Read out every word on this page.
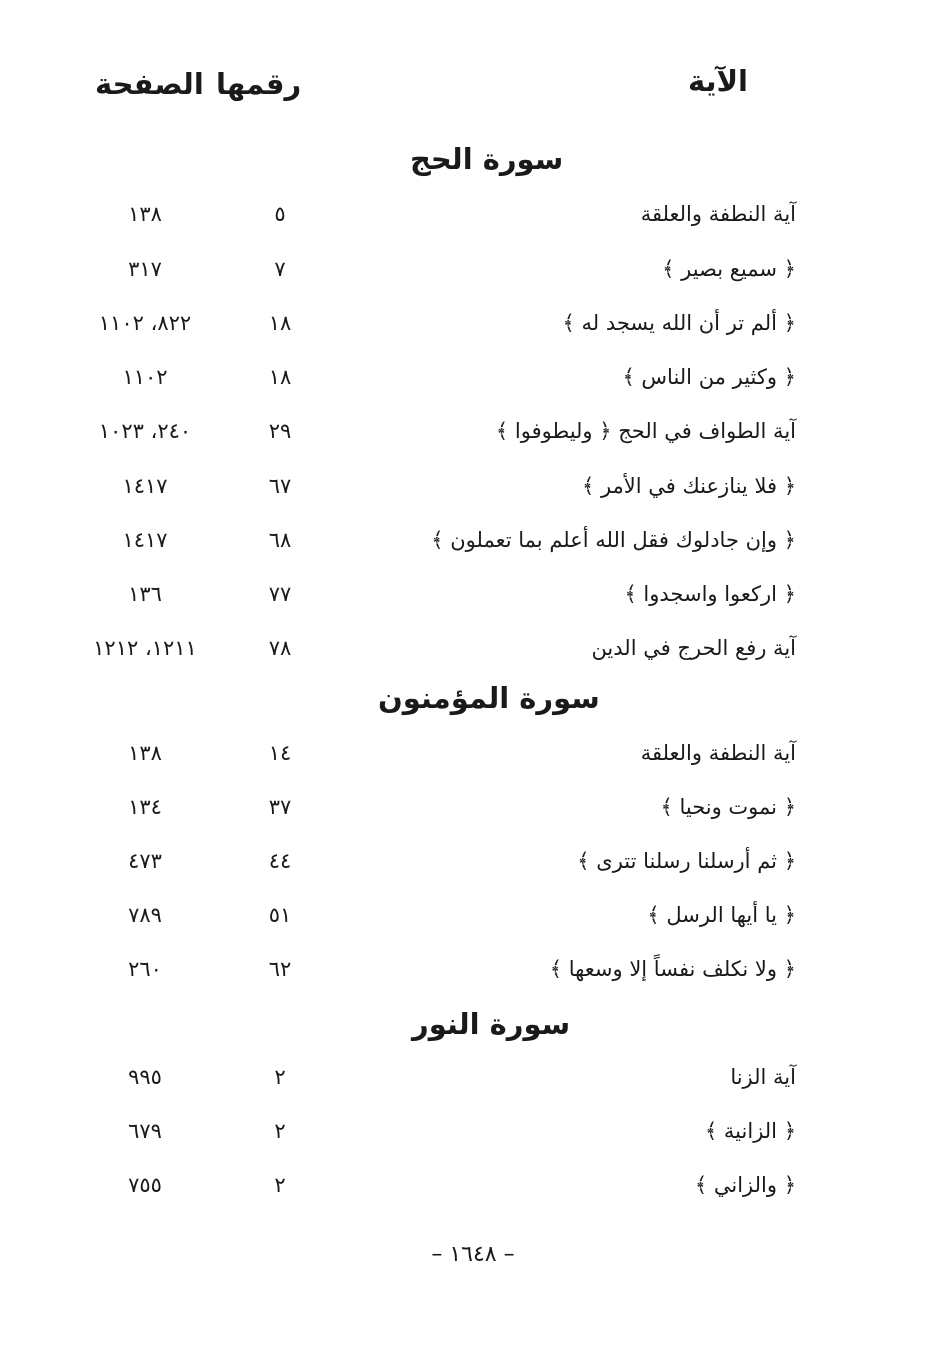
الآية
رقمها
الصفحة
سورة الحج
آية النطفة والعلقة
٥
١٣٨
﴿ سميع بصير ﴾
٧
٣١٧
﴿ ألم تر أن الله يسجد له ﴾
١٨
٨٢٢، ١١٠٢
﴿ وكثير من الناس ﴾
١٨
١١٠٢
آية الطواف في الحج ﴿ وليطوفوا ﴾
٢٩
٢٤٠، ١٠٢٣
﴿ فلا ينازعنك في الأمر ﴾
٦٧
١٤١٧
﴿ وإن جادلوك فقل الله أعلم بما تعملون ﴾
٦٨
١٤١٧
﴿ اركعوا واسجدوا ﴾
٧٧
١٣٦
آية رفع الحرج في الدين
٧٨
١٢١١، ١٢١٢
سورة المؤمنون
آية النطفة والعلقة
١٤
١٣٨
﴿ نموت ونحيا ﴾
٣٧
١٣٤
﴿ ثم أرسلنا رسلنا تترى ﴾
٤٤
٤٧٣
﴿ يا أيها الرسل ﴾
٥١
٧٨٩
﴿ ولا نكلف نفساً إلا وسعها ﴾
٦٢
٢٦٠
سورة النور
آية الزنا
٢
٩٩٥
﴿ الزانية ﴾
٢
٦٧٩
﴿ والزاني ﴾
٢
٧٥٥
– ١٦٤٨ –
